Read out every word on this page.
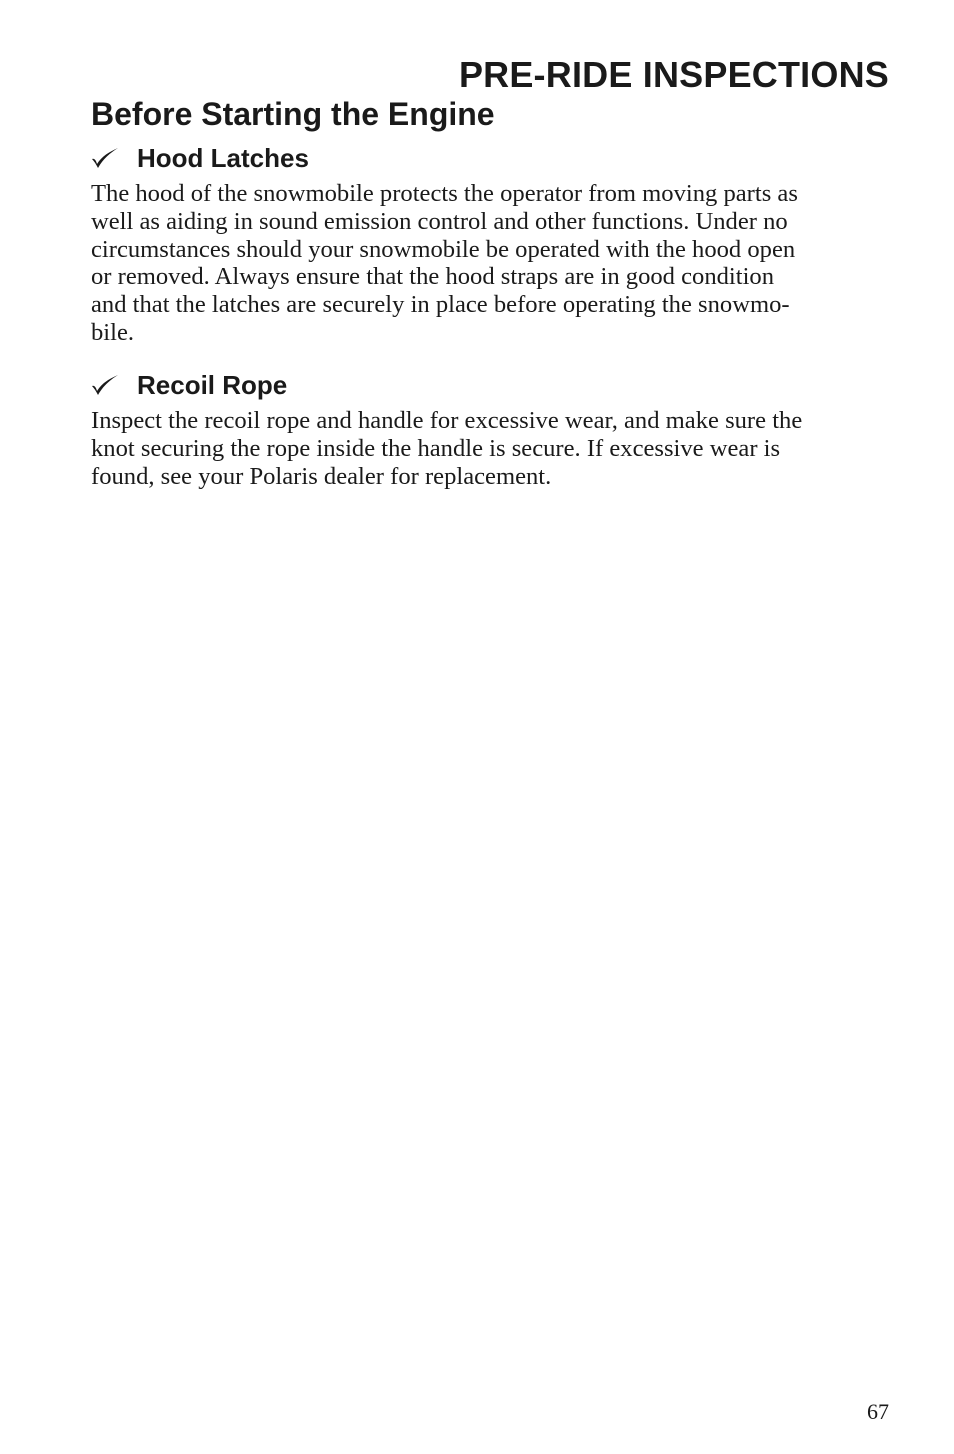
PRE-RIDE INSPECTIONS
Before Starting the Engine
Hood Latches

The hood of the snowmobile protects the operator from moving parts as
well as aiding in sound emission control and other functions. Under no
circumstances should your snowmobile be operated with the hood open
or removed. Always ensure that the hood straps are in good condition
and that the latches are securely in place before operating the snowmo-
bile.

Recoil Rope

Inspect the recoil rope and handle for excessive wear, and make sure the
knot securing the rope inside the handle is secure. If excessive wear is
found, see your Polaris dealer for replacement.

67
